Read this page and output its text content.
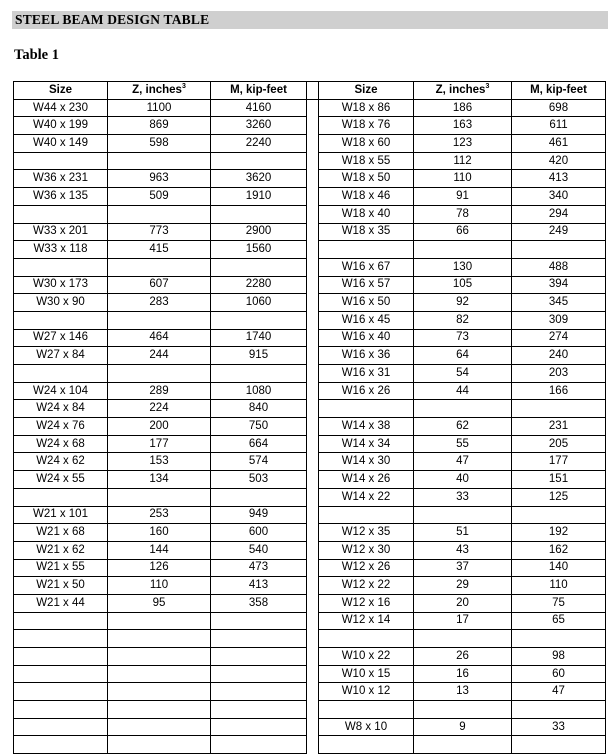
STEEL BEAM DESIGN TABLE
Table 1
Size	Z, inches$^3$	M, kip-feet		Size	Z, inches$^3$	M, kip-feet
W44 x 230	1100	4160		W18 x 86	186	698
W40 x 199	869	3260		W18 x 76	163	611
W40 x 149	598	2240		W18 x 60	123	461
				W18 x 55	112	420
W36 x 231	963	3620		W18 x 50	110	413
W36 x 135	509	1910		W18 x 46	91	340
				W18 x 40	78	294
W33 x 201	773	2900		W18 x 35	66	249
W33 x 118	415	1560				
				W16 x 67	130	488
W30 x 173	607	2280		W16 x 57	105	394
W30 x 90	283	1060		W16 x 50	92	345
				W16 x 45	82	309
W27 x 146	464	1740		W16 x 40	73	274
W27 x 84	244	915		W16 x 36	64	240
				W16 x 31	54	203
W24 x 104	289	1080		W16 x 26	44	166
W24 x 84	224	840				
W24 x 76	200	750		W14 x 38	62	231
W24 x 68	177	664		W14 x 34	55	205
W24 x 62	153	574		W14 x 30	47	177
W24 x 55	134	503		W14 x 26	40	151
				W14 x 22	33	125
W21 x 101	253	949				
W21 x 68	160	600		W12 x 35	51	192
W21 x 62	144	540		W12 x 30	43	162
W21 x 55	126	473		W12 x 26	37	140
W21 x 50	110	413		W12 x 22	29	110
W21 x 44	95	358		W12 x 16	20	75
				W12 x 14	17	65

				W10 x 22	26	98
				W10 x 15	16	60
				W10 x 12	13	47

				W8 x 10	9	33
